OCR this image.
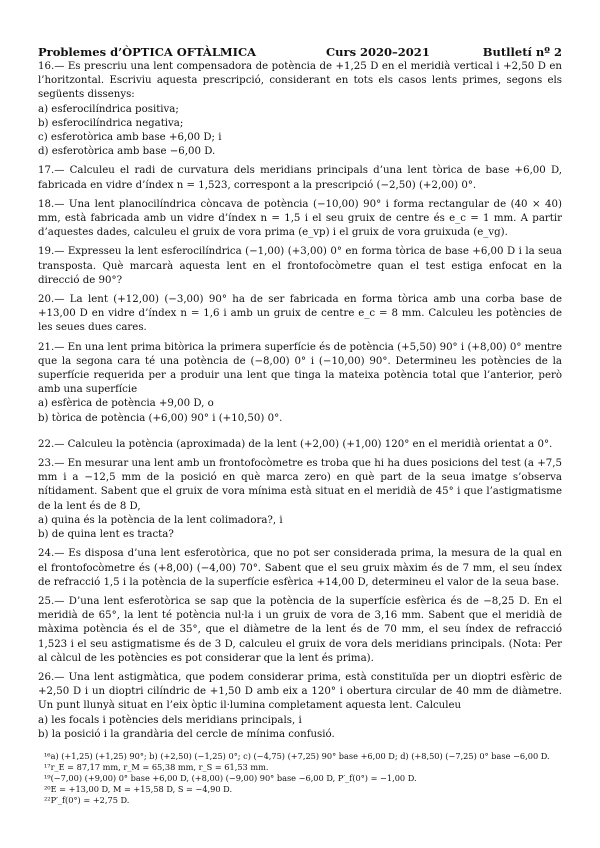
Problemes d’ÒPTICA OFTÀLMICA	Curs 2020–2021	Butlletí nº 2
16.— Es prescriu una lent compensadora de potència de +1,25 D en el meridià vertical i +2,50 D en l’horitzontal. Escriviu aquesta prescripció, considerant en tots els casos lents primes, segons els següents dissenys:
a) esferocilíndrica positiva;
b) esferocilíndrica negativa;
c) esferotòrica amb base +6,00 D; i
d) esferotòrica amb base −6,00 D.
17.— Calculeu el radi de curvatura dels meridians principals d’una lent tòrica de base +6,00 D, fabricada en vidre d’índex n = 1,523, correspont a la prescripció (−2,50) (+2,00) 0°.
18.— Una lent planocilíndrica còncava de potència (−10,00) 90° i forma rectangular de (40 × 40) mm, està fabricada amb un vidre d’índex n = 1,5 i el seu gruix de centre és e_c = 1 mm. A partir d’aquestes dades, calculeu el gruix de vora prima (e_vp) i el gruix de vora gruixuda (e_vg).
19.— Expresseu la lent esferocilíndrica (−1,00) (+3,00) 0° en forma tòrica de base +6,00 D i la seua transposta. Què marcarà aquesta lent en el frontofocòmetre quan el test estiga enfocat en la direcció de 90°?
20.— La lent (+12,00) (−3,00) 90° ha de ser fabricada en forma tòrica amb una corba base de +13,00 D en vidre d’índex n = 1,6 i amb un gruix de centre e_c = 8 mm. Calculeu les potències de les seues dues cares.
21.— En una lent prima bitòrica la primera superfície és de potència (+5,50) 90° i (+8,00) 0° mentre que la segona cara té una potència de (−8,00) 0° i (−10,00) 90°. Determineu les potències de la superfície requerida per a produir una lent que tinga la mateixa potència total que l’anterior, però amb una superfície
a) esfèrica de potència +9,00 D, o
b) tòrica de potència (+6,00) 90° i (+10,50) 0°.
22.— Calculeu la potència (aproximada) de la lent (+2,00) (+1,00) 120° en el meridià orientat a 0°.
23.— En mesurar una lent amb un frontofocòmetre es troba que hi ha dues posicions del test (a +7,5 mm i a −12,5 mm de la posició en què marca zero) en què part de la seua imatge s’observa nítidament. Sabent que el gruix de vora mínima està situat en el meridià de 45° i que l’astigmatisme de la lent és de 8 D,
a) quina és la potència de la lent colimadora?, i
b) de quina lent es tracta?
24.— Es disposa d’una lent esferotòrica, que no pot ser considerada prima, la mesura de la qual en el frontofocòmetre és (+8,00) (−4,00) 70°. Sabent que el seu gruix màxim és de 7 mm, el seu índex de refracció 1,5 i la potència de la superfície esfèrica +14,00 D, determineu el valor de la seua base.
25.— D’una lent esferotòrica se sap que la potència de la superfície esfèrica és de −8,25 D. En el meridià de 65°, la lent té potència nul·la i un gruix de vora de 3,16 mm. Sabent que el meridià de màxima potència és el de 35°, que el diàmetre de la lent és de 70 mm, el seu índex de refracció 1,523 i el seu astigmatisme és de 3 D, calculeu el gruix de vora dels meridians principals. (Nota: Per al càlcul de les potències es pot considerar que la lent és prima).
26.— Una lent astigmàtica, que podem considerar prima, està constituïda per un dioptri esfèric de +2,50 D i un dioptri cilíndric de +1,50 D amb eix a 120° i obertura circular de 40 mm de diàmetre. Un punt llunyà situat en l’eix òptic il·lumina completament aquesta lent. Calculeu
a) les focals i potències dels meridians principals, i
b) la posició i la grandària del cercle de mínima confusió.
¹⁶a) (+1,25) (+1,25) 90°; b) (+2,50) (−1,25) 0°; c) (−4,75) (+7,25) 90° base +6,00 D; d) (+8,50) (−7,25) 0° base −6,00 D.
¹⁷r_E = 87,17 mm, r_M = 65,38 mm, r_S = 61,53 mm.
¹⁹(−7,00) (+9,00) 0° base +6,00 D, (+8,00) (−9,00) 90° base −6,00 D, P′_f(0°) = −1,00 D.
²⁰E = +13,00 D, M = +15,58 D, S = −4,90 D.
²²P′_f(0°) = +2,75 D.
